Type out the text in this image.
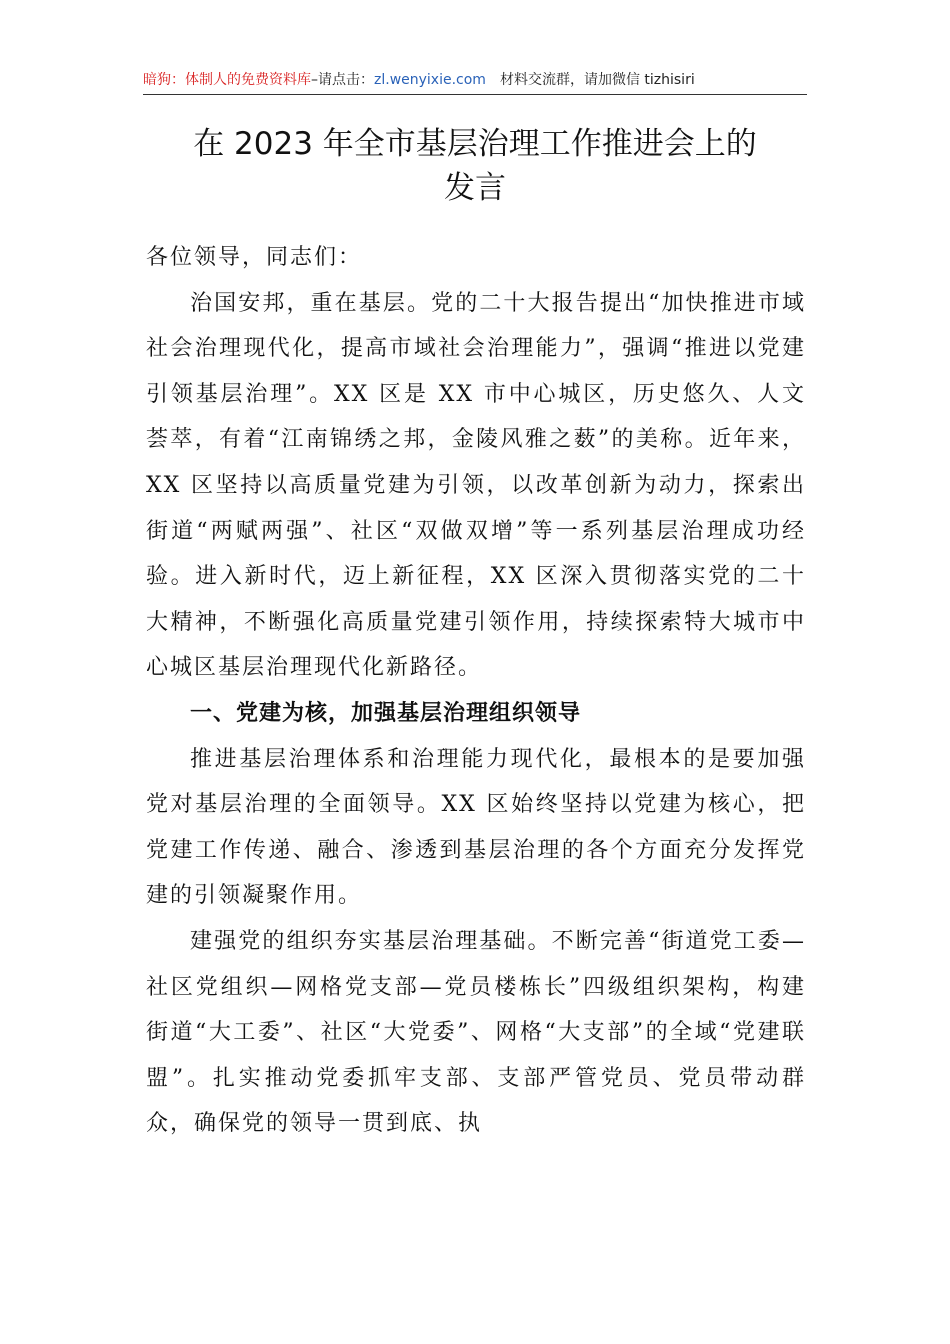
暗狗：体制人的免费资料库–请点击：zl.wenyixie.com 材料交流群，请加微信 tizhisiri
在 2023 年全市基层治理工作推进会上的
发言

各位领导，同志们：

治国安邦，重在基层。党的二十大报告提出“加快推进市域社会治理现代化，提高市域社会治理能力”，强调“推进以党建引领基层治理”。XX 区是 XX 市中心城区，历史悠久、人文荟萃，有着“江南锦绣之邦，金陵风雅之薮”的美称。近年来，XX 区坚持以高质量党建为引领，以改革创新为动力，探索出街道“两赋两强”、社区“双做双增”等一系列基层治理成功经验。进入新时代，迈上新征程，XX 区深入贯彻落实党的二十大精神，不断强化高质量党建引领作用，持续探索特大城市中心城区基层治理现代化新路径。

一、党建为核，加强基层治理组织领导

推进基层治理体系和治理能力现代化，最根本的是要加强党对基层治理的全面领导。XX 区始终坚持以党建为核心，把党建工作传递、融合、渗透到基层治理的各个方面充分发挥党建的引领凝聚作用。

建强党的组织夯实基层治理基础。不断完善“街道党工委—社区党组织—网格党支部—党员楼栋长”四级组织架构，构建街道“大工委”、社区“大党委”、网格“大支部”的全域“党建联盟”。扎实推动党委抓牢支部、支部严管党员、党员带动群众，确保党的领导一贯到底、执
